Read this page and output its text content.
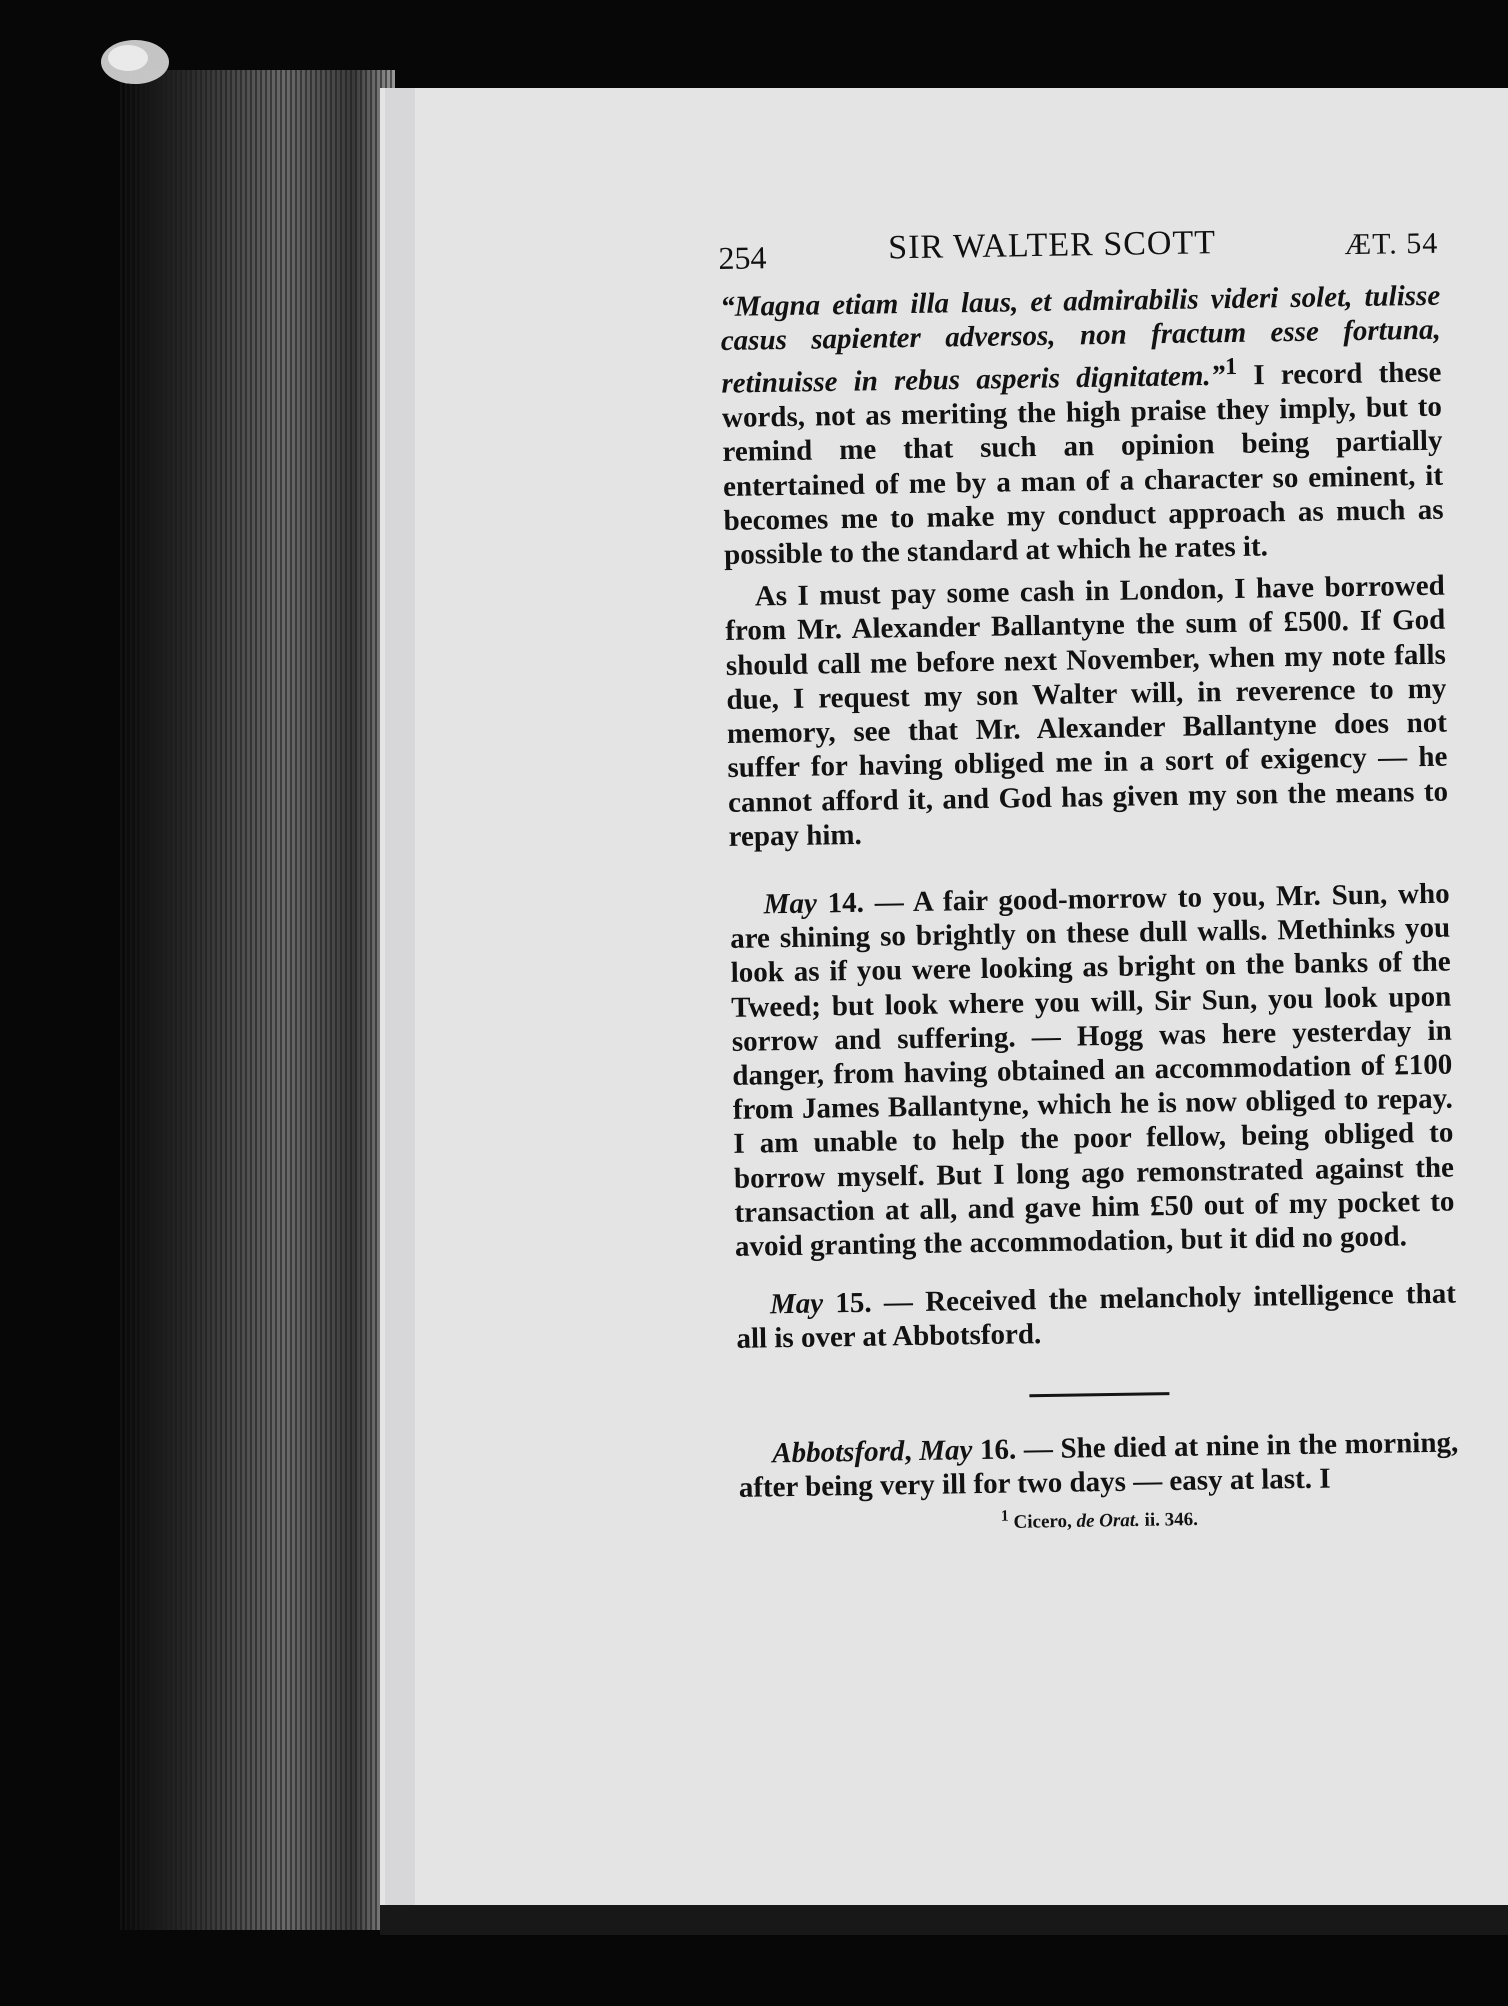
254	SIR WALTER SCOTT	ÆT. 54

“Magna etiam illa laus, et admirabilis videri solet, tulisse casus sapienter adversos, non fractum esse fortuna, retinuisse in rebus asperis dignitatem.”$^1$ I record these words, not as meriting the high praise they imply, but to remind me that such an opinion being partially entertained of me by a man of a character so eminent, it becomes me to make my conduct approach as much as possible to the standard at which he rates it.

As I must pay some cash in London, I have borrowed from Mr. Alexander Ballantyne the sum of £500. If God should call me before next November, when my note falls due, I request my son Walter will, in reverence to my memory, see that Mr. Alexander Ballantyne does not suffer for having obliged me in a sort of exigency — he cannot afford it, and God has given my son the means to repay him.

May 14. — A fair good-morrow to you, Mr. Sun, who are shining so brightly on these dull walls. Methinks you look as if you were looking as bright on the banks of the Tweed; but look where you will, Sir Sun, you look upon sorrow and suffering. — Hogg was here yesterday in danger, from having obtained an accommodation of £100 from James Ballantyne, which he is now obliged to repay. I am unable to help the poor fellow, being obliged to borrow myself. But I long ago remonstrated against the transaction at all, and gave him £50 out of my pocket to avoid granting the accommodation, but it did no good.

May 15. — Received the melancholy intelligence that all is over at Abbotsford.

Abbotsford, May 16. — She died at nine in the morning, after being very ill for two days — easy at last. I

$^1$ Cicero, de Orat. ii. 346.
